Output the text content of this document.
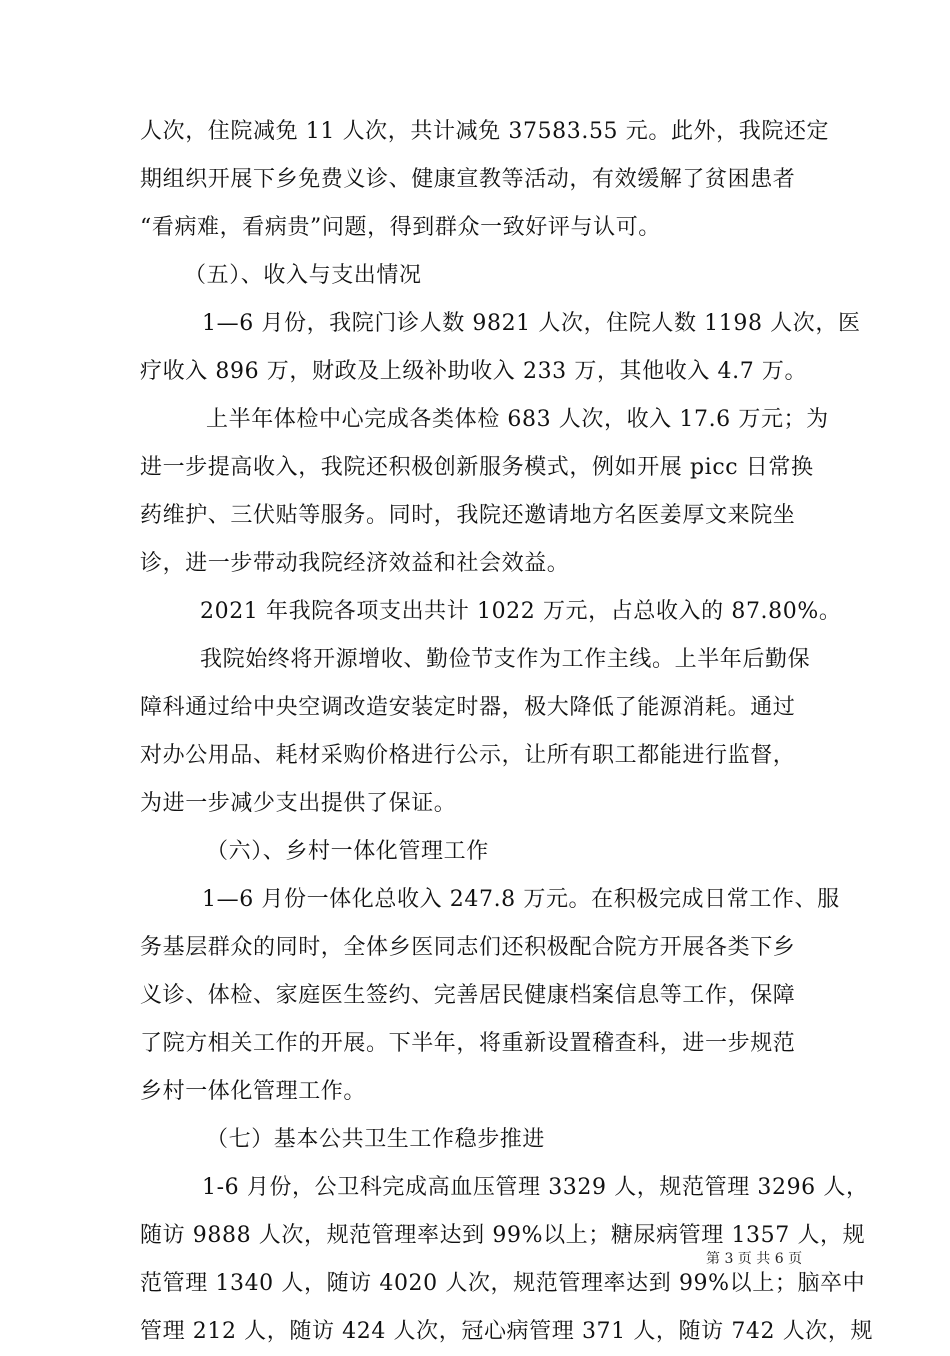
人次，住院减免 11 人次，共计减免 37583.55 元。此外，我院还定
期组织开展下乡免费义诊、健康宣教等活动，有效缓解了贫困患者
“看病难，看病贵”问题，得到群众一致好评与认可。
（五）、收入与支出情况
1—6 月份，我院门诊人数 9821 人次，住院人数 1198 人次，医
疗收入 896 万，财政及上级补助收入 233 万，其他收入 4.7 万。
上半年体检中心完成各类体检 683 人次，收入 17.6 万元；为
进一步提高收入，我院还积极创新服务模式，例如开展 picc 日常换
药维护、三伏贴等服务。同时，我院还邀请地方名医姜厚文来院坐
诊，进一步带动我院经济效益和社会效益。
2021 年我院各项支出共计 1022 万元，占总收入的 87.80%。
我院始终将开源增收、勤俭节支作为工作主线。上半年后勤保
障科通过给中央空调改造安装定时器，极大降低了能源消耗。通过
对办公用品、耗材采购价格进行公示，让所有职工都能进行监督，
为进一步减少支出提供了保证。
（六）、乡村一体化管理工作
1—6 月份一体化总收入 247.8 万元。在积极完成日常工作、服
务基层群众的同时，全体乡医同志们还积极配合院方开展各类下乡
义诊、体检、家庭医生签约、完善居民健康档案信息等工作，保障
了院方相关工作的开展。下半年，将重新设置稽查科，进一步规范
乡村一体化管理工作。
（七）基本公共卫生工作稳步推进
1-6 月份，公卫科完成高血压管理 3329 人，规范管理 3296 人，
随访 9888 人次，规范管理率达到 99%以上；糖尿病管理 1357 人，规
范管理 1340 人，随访 4020 人次，规范管理率达到 99%以上；脑卒中
管理 212 人，随访 424 人次，冠心病管理 371 人，随访 742 人次，规
第 3 页 共 6 页
